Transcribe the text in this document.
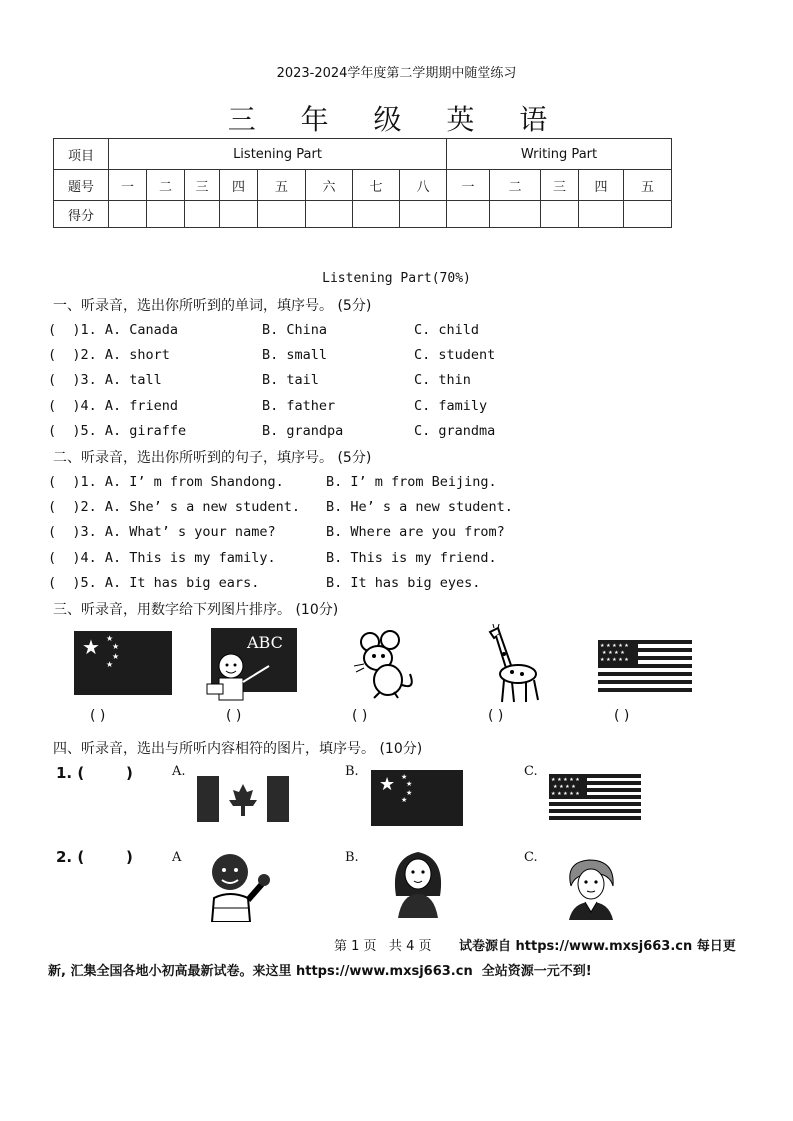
2023-2024学年度第二学期期中随堂练习
三 年 级 英 语
项目	Listening Part								Writing Part				
题号	一	二	三	四	五	六	七	八	一	二	三	四	五
得分													
Listening Part(70%)
一、听录音，选出你所听到的单词，填序号。 (5分)
(  )1. A. Canada	B. China	C. child
(  )2. A. short	B. small	C. student
(  )3. A. tall	B. tail	C. thin
(  )4. A. friend	B. father	C. family
(  )5. A. giraffe	B. grandpa	C. grandma
二、听录音，选出你所听到的句子，填序号。 (5分)
(  )1. A. I’ m from Shandong.	B. I’ m from Beijing.
(  )2. A. She’ s a new student. B. He’ s a new student.
(  )3. A. What’ s your name?	B. Where are you from?
(  )4. A. This is my family.	B. This is my friend.
(  )5. A. It has big ears.	B. It has big eyes.
三、听录音，用数字给下列图片排序。 (10分)
★ ★
★
★
★
ABC	★ ★ ★ ★ ★
★ ★ ★ ★
★ ★ ★ ★ ★
( )	( )	( )	( )	( )
四、听录音，选出与所听内容相符的图片，填序号。 (10分)
1. (        )	A.	B.
★ ★
★
★
★
C.
★ ★ ★ ★ ★
★ ★ ★ ★
★ ★ ★ ★ ★
2. (        )	A	B.	C.
第 1 页   共 4 页 试卷源自 https://www.mxsj663.cn 每日更
新, 汇集全国各地小初高最新试卷。来这里 https://www.mxsj663.cn  全站资源一元不到!
